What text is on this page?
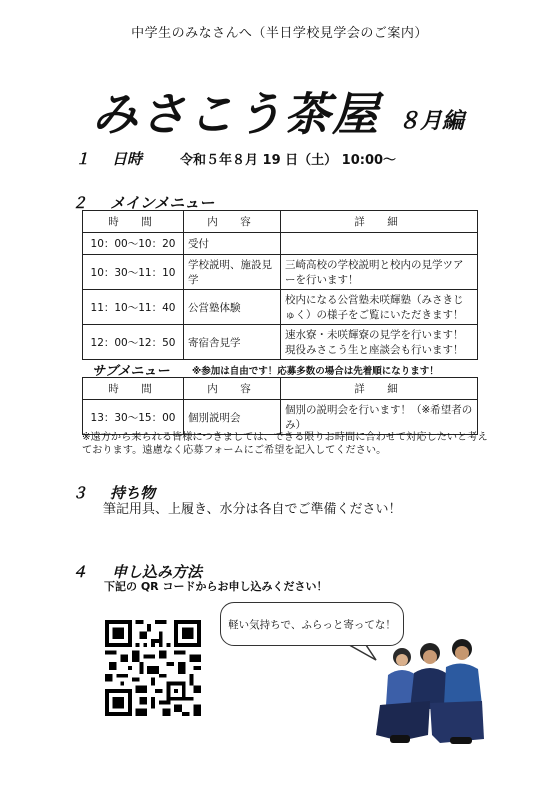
中学生のみなさんへ（半日学校見学会のご案内）
みさこう茶屋 ８月編
１ 日時	令和５年８月 19 日（土） 10:00～
２ メインメニュー
時　間	内　容	詳　細
10：00～10：20	受付	
10：30～11：10	学校説明、施設見学	三崎高校の学校説明と校内の見学ツアーを行います！
11：10～11：40	公営塾体験	校内になる公営塾未咲輝塾（みさきじゅく）の様子をご覧にいただきます！
12：00～12：50	寄宿舎見学	速水寮・未咲輝寮の見学を行います！現役みさこう生と座談会も行います！
サブメニュー ※参加は自由です！応募多数の場合は先着順になります！
時　間	内　容	詳　細
13：30～15：00	個別説明会	個別の説明会を行います！（※希望者のみ）
※遠方から来られる皆様につきましては、できる限りお時間に合わせて対応したいと考えております。遠慮なく応募フォームにご希望を記入してください。
３ 持ち物
筆記用具、上履き、水分は各自でご準備ください！
４ 申し込み方法
下記の QR コードからお申し込みください！
軽い気持ちで、ふらっと寄ってな！
